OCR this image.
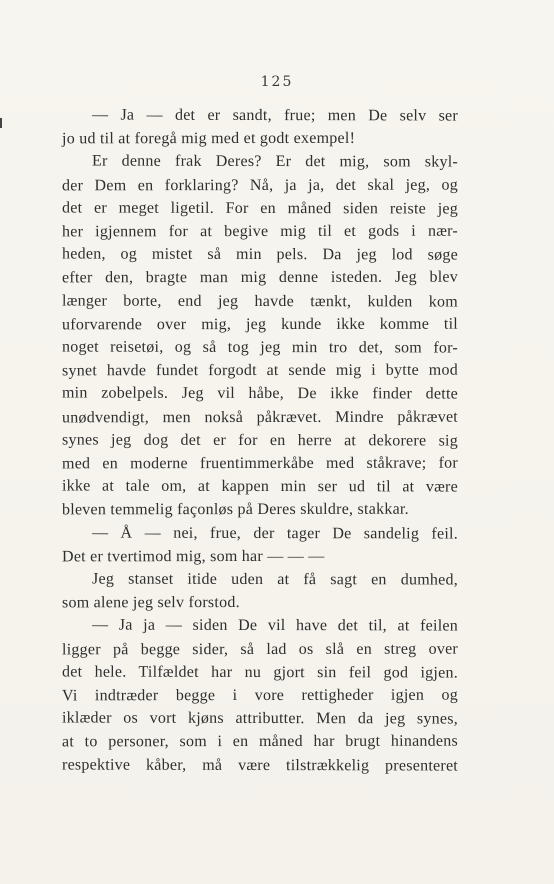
125
— Ja — det er sandt, frue; men De selv ser
jo ud til at foregå mig med et godt exempel!
Er denne frak Deres? Er det mig, som skyl-
der Dem en forklaring? Nå, ja ja, det skal jeg, og
det er meget ligetil. For en måned siden reiste jeg
her igjennem for at begive mig til et gods i nær-
heden, og mistet så min pels. Da jeg lod søge
efter den, bragte man mig denne isteden. Jeg blev
længer borte, end jeg havde tænkt, kulden kom
uforvarende over mig, jeg kunde ikke komme til
noget reisetøi, og så tog jeg min tro det, som for-
synet havde fundet forgodt at sende mig i bytte mod
min zobelpels. Jeg vil håbe, De ikke finder dette
unødvendigt, men nokså påkrævet. Mindre påkrævet
synes jeg dog det er for en herre at dekorere sig
med en moderne fruentimmerkåbe med ståkrave; for
ikke at tale om, at kappen min ser ud til at være
bleven temmelig façonløs på Deres skuldre, stakkar.
— Å — nei, frue, der tager De sandelig feil.
Det er tvertimod mig, som har — — —
Jeg stanset itide uden at få sagt en dumhed,
som alene jeg selv forstod.
— Ja ja — siden De vil have det til, at feilen
ligger på begge sider, så lad os slå en streg over
det hele. Tilfældet har nu gjort sin feil god igjen.
Vi indtræder begge i vore rettigheder igjen og
iklæder os vort kjøns attributter. Men da jeg synes,
at to personer, som i en måned har brugt hinandens
respektive kåber, må være tilstrækkelig presenteret
